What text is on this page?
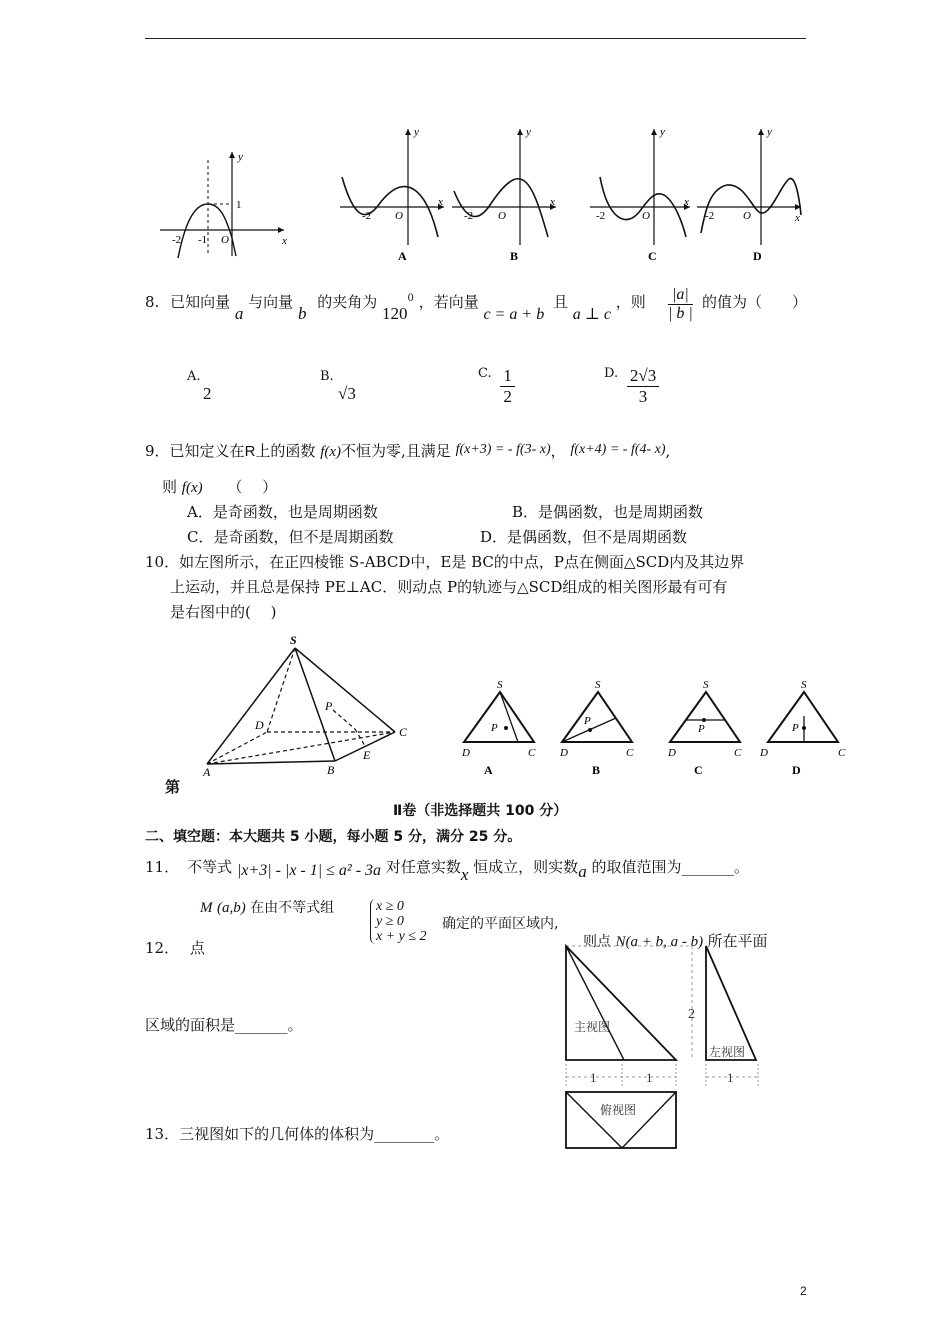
y
x
1
-2 -1 O
y
x
-2 O
A
y
x
-2 O
B
y
x
-2	O
C
y
x
-2	O
D
8. 已知向量 a 与向量 b 的夹角为 $120^0$ ，若向量 c = a + b 且 a ⊥ c ，则 $\frac{|a|}{| b |}$ 的值为（　　）
A.
2
B.
√3
C. $\frac{1}{2}$	D. $\frac{2√3}{3}$
9．已知定义在R上的函数 f(x)不恒为零,且满足 f(x+3) = - f(3- x)， f(x+4) = - f(4- x),
则 f(x) （　 ）
A．是奇函数，也是周期函数	B．是偶函数，也是周期函数
C．是奇函数，但不是周期函数	D．是偶函数，但不是周期函数
10．如左图所示，在正四棱锥 S-ABCD中，E是 BC的中点，P点在侧面△SCD内及其边界
上运动，并且总是保持 PE⊥AC．则动点 P的轨迹与△SCD组成的相关图形最有可有
是右图中的(　 )
S
D
P
C
A	B
E
第
S
P
D	C
A
S
P
D	C
B
S
P
D	C
C
S
P
D	C
D
Ⅱ卷（非选择题共 100 分）
二、填空题：本大题共 5 小题，每小题 5 分，满分 25 分。
11． 不等式 |x+3| - |x - 1| ≤ a² - 3a 对任意实数x 恒成立，则实数a 的取值范围为_______。
M (a,b) 在由不等式组	x ≥ 0
y ≥ 0
x + y ≤ 2
确定的平面区域内,
12． 点	则点 N(a + b, a - b) 所在平面
区域的面积是_______。	主视图
2
左视图
1	1	1
俯视图
13．三视图如下的几何体的体积为________。
2
